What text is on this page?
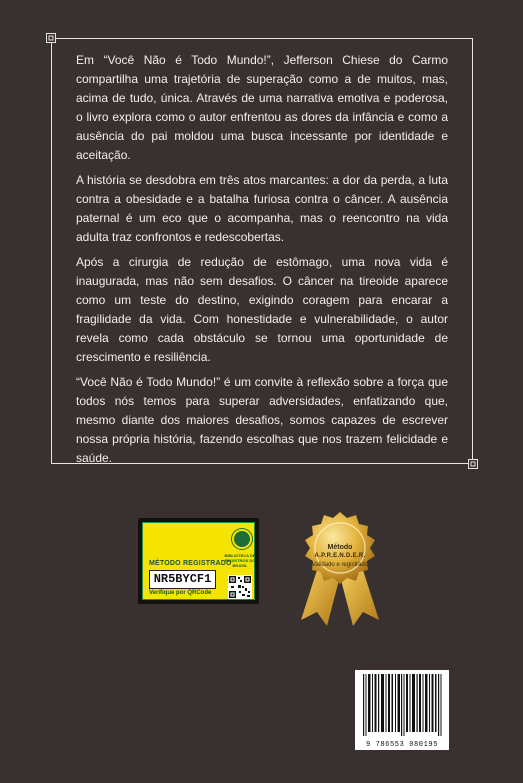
Em “Você Não é Todo Mundo!”, Jefferson Chiese do Carmo compartilha uma trajetória de superação como a de muitos, mas, acima de tudo, única. Através de uma narrativa emotiva e poderosa, o livro explora como o autor enfrentou as dores da infância e como a ausência do pai moldou uma busca incessante por identidade e aceitação.

A história se desdobra em três atos marcantes: a dor da perda, a luta contra a obesidade e a batalha furiosa contra o câncer. A ausência paternal é um eco que o acompanha, mas o reencontro na vida adulta traz confrontos e redescobertas.

Após a cirurgia de redução de estômago, uma nova vida é inaugurada, mas não sem desafios. O câncer na tireoide aparece como um teste do destino, exigindo coragem para encarar a fragilidade da vida. Com honestidade e vulnerabilidade, o autor revela como cada obstáculo se tornou uma oportunidade de crescimento e resiliência.

“Você Não é Todo Mundo!” é um convite à reflexão sobre a força que todos nós temos para superar adversidades, enfatizando que, mesmo diante dos maiores desafios, somos capazes de escrever nossa própria história, fazendo escolhas que nos trazem felicidade e saúde.

MÉTODO REGISTRADO
NR5BYCF1
Verifique por QRCode
BIBLIOTECA DE REGISTROS DO BRASIL
Método
A.P.R.E.N.D.E.R.
Validado e registrado
9 786553 080195
